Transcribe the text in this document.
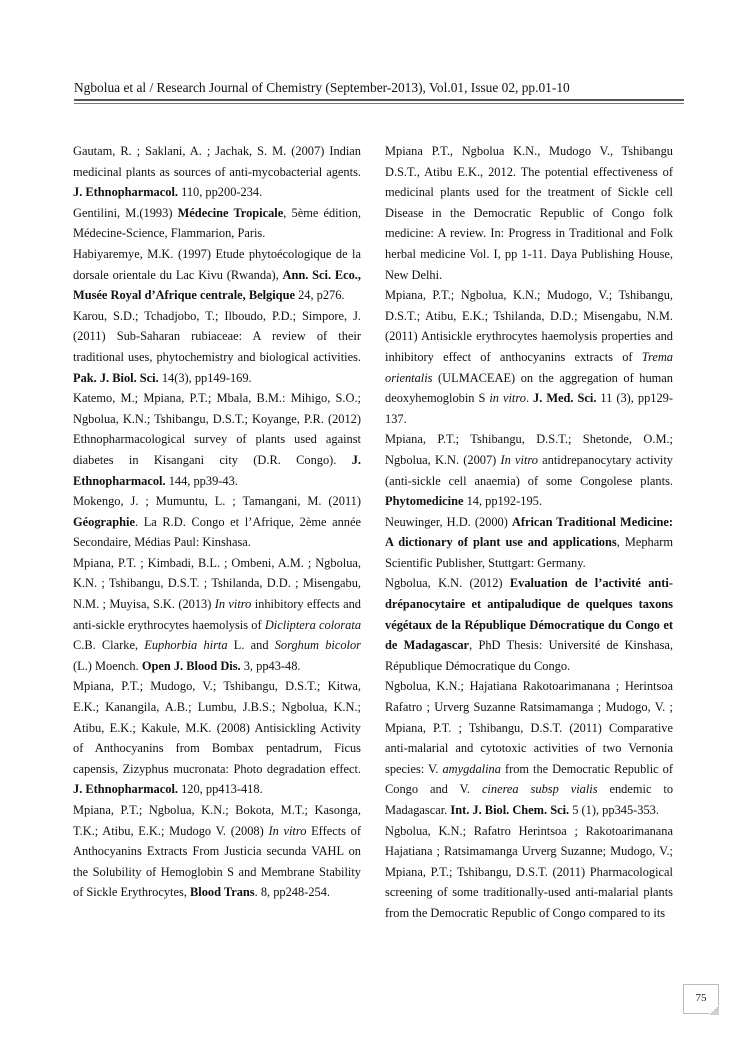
Ngbolua et al / Research Journal of Chemistry (September-2013), Vol.01, Issue 02, pp.01-10

Gautam, R. ; Saklani, A. ; Jachak, S. M. (2007) Indian medicinal plants as sources of anti-mycobacterial agents. J. Ethnopharmacol. 110, pp200-234.

Gentilini, M.(1993) Médecine Tropicale, 5ème édition, Médecine-Science, Flammarion, Paris.

Habiyaremye, M.K. (1997) Etude phytoécologique de la dorsale orientale du Lac Kivu (Rwanda), Ann. Sci. Eco., Musée Royal d’Afrique centrale, Belgique 24, p276.

Karou, S.D.; Tchadjobo, T.; Ilboudo, P.D.; Simpore, J. (2011) Sub-Saharan rubiaceae: A review of their traditional uses, phytochemistry and biological activities. Pak. J. Biol. Sci. 14(3), pp149-169.

Katemo, M.; Mpiana, P.T.; Mbala, B.M.: Mihigo, S.O.; Ngbolua, K.N.; Tshibangu, D.S.T.; Koyange, P.R. (2012) Ethnopharmacological survey of plants used against diabetes in Kisangani city (D.R. Congo). J. Ethnopharmacol. 144, pp39-43.

Mokengo, J. ; Mumuntu, L. ; Tamangani, M. (2011) Géographie. La R.D. Congo et l’Afrique, 2ème année Secondaire, Médias Paul: Kinshasa.

Mpiana, P.T. ; Kimbadi, B.L. ; Ombeni, A.M. ; Ngbolua, K.N. ; Tshibangu, D.S.T. ; Tshilanda, D.D. ; Misengabu, N.M. ; Muyisa, S.K. (2013) In vitro inhibitory effects and anti-sickle erythrocytes haemolysis of Dicliptera colorata C.B. Clarke, Euphorbia hirta L. and Sorghum bicolor (L.) Moench. Open J. Blood Dis. 3, pp43-48.

Mpiana, P.T.; Mudogo, V.; Tshibangu, D.S.T.; Kitwa, E.K.; Kanangila, A.B.; Lumbu, J.B.S.; Ngbolua, K.N.; Atibu, E.K.; Kakule, M.K. (2008) Antisickling Activity of Anthocyanins from Bombax pentadrum, Ficus capensis, Zizyphus mucronata: Photo degradation effect. J. Ethnopharmacol. 120, pp413-418.

Mpiana, P.T.; Ngbolua, K.N.; Bokota, M.T.; Kasonga, T.K.; Atibu, E.K.; Mudogo V. (2008) In vitro Effects of Anthocyanins Extracts From Justicia secunda VAHL on the Solubility of Hemoglobin S and Membrane Stability of Sickle Erythrocytes, Blood Trans. 8, pp248-254.

Mpiana P.T., Ngbolua K.N., Mudogo V., Tshibangu D.S.T., Atibu E.K., 2012. The potential effectiveness of medicinal plants used for the treatment of Sickle cell Disease in the Democratic Republic of Congo folk medicine: A review. In: Progress in Traditional and Folk herbal medicine Vol. I, pp 1-11. Daya Publishing House, New Delhi.

Mpiana, P.T.; Ngbolua, K.N.; Mudogo, V.; Tshibangu, D.S.T.; Atibu, E.K.; Tshilanda, D.D.; Misengabu, N.M. (2011) Antisickle erythrocytes haemolysis properties and inhibitory effect of anthocyanins extracts of Trema orientalis (ULMACEAE) on the aggregation of human deoxyhemoglobin S in vitro. J. Med. Sci. 11 (3), pp129-137.

Mpiana, P.T.; Tshibangu, D.S.T.; Shetonde, O.M.; Ngbolua, K.N. (2007) In vitro antidrepanocytary activity (anti-sickle cell anaemia) of some Congolese plants. Phytomedicine 14, pp192-195.

Neuwinger, H.D. (2000) African Traditional Medicine: A dictionary of plant use and applications, Mepharm Scientific Publisher, Stuttgart: Germany.

Ngbolua, K.N. (2012) Evaluation de l’activité anti-drépanocytaire et antipaludique de quelques taxons végétaux de la République Démocratique du Congo et de Madagascar, PhD Thesis: Université de Kinshasa, République Démocratique du Congo.

Ngbolua, K.N.; Hajatiana Rakotoarimanana ; Herintsoa Rafatro ; Urverg Suzanne Ratsimamanga ; Mudogo, V. ; Mpiana, P.T. ; Tshibangu, D.S.T. (2011) Comparative anti-malarial and cytotoxic activities of two Vernonia species: V. amygdalina from the Democratic Republic of Congo and V. cinerea subsp vialis endemic to Madagascar. Int. J. Biol. Chem. Sci. 5 (1), pp345-353.

Ngbolua, K.N.; Rafatro Herintsoa ; Rakotoarimanana Hajatiana ; Ratsimamanga Urverg Suzanne; Mudogo, V.; Mpiana, P.T.; Tshibangu, D.S.T. (2011) Pharmacological screening of some traditionally-used anti-malarial plants from the Democratic Republic of Congo compared to its

75
